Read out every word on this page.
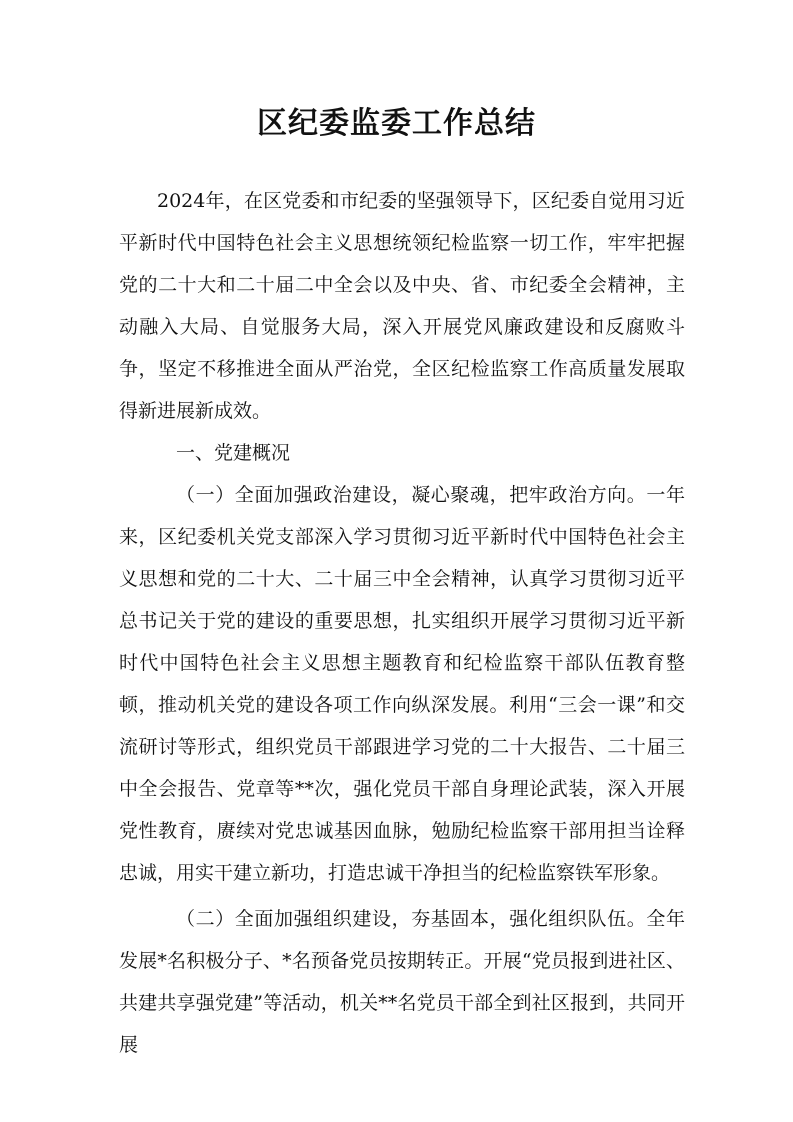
区纪委监委工作总结

2024年，在区党委和市纪委的坚强领导下，区纪委自觉用习近平新时代中国特色社会主义思想统领纪检监察一切工作，牢牢把握党的二十大和二十届二中全会以及中央、省、市纪委全会精神，主动融入大局、自觉服务大局，深入开展党风廉政建设和反腐败斗争，坚定不移推进全面从严治党，全区纪检监察工作高质量发展取得新进展新成效。

一、党建概况

（一）全面加强政治建设，凝心聚魂，把牢政治方向。一年来，区纪委机关党支部深入学习贯彻习近平新时代中国特色社会主义思想和党的二十大、二十届三中全会精神，认真学习贯彻习近平总书记关于党的建设的重要思想，扎实组织开展学习贯彻习近平新时代中国特色社会主义思想主题教育和纪检监察干部队伍教育整顿，推动机关党的建设各项工作向纵深发展。利用“三会一课”和交流研讨等形式，组织党员干部跟进学习党的二十大报告、二十届三中全会报告、党章等**次，强化党员干部自身理论武装，深入开展党性教育，赓续对党忠诚基因血脉，勉励纪检监察干部用担当诠释忠诚，用实干建立新功，打造忠诚干净担当的纪检监察铁军形象。

（二）全面加强组织建设，夯基固本，强化组织队伍。全年发展*名积极分子、*名预备党员按期转正。开展“党员报到进社区、共建共享强党建”等活动，机关**名党员干部全到社区报到，共同开展
